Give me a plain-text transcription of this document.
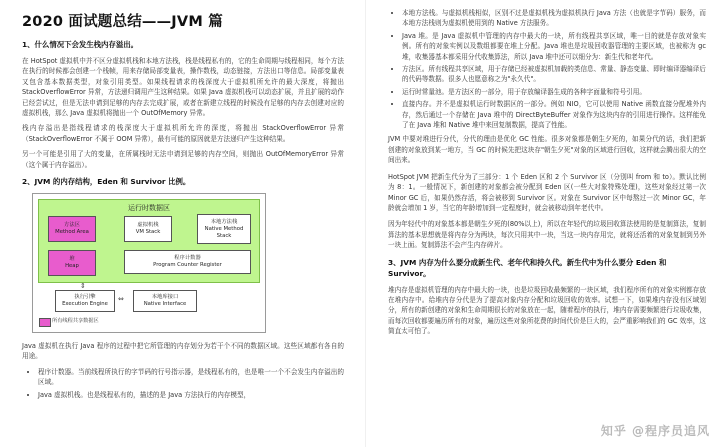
2020 面试题总结——JVM 篇
1、什么情况下会发生栈内存溢出。

在 HotSpot 虚拟机中并不区分虚拟机栈和本地方法栈，栈是线程私有的，它的生命周期与线程相同，每个方法在执行的时候都会创建一个栈帧，用来存储局部变量表，操作数栈，动态链接，方法出口等信息。局部变量表又包含基本数据类型，对象引用类型。如果线程请求的栈深度大于虚拟机所允许的最大深度，将抛出 StackOverflowError 异常，方法递归调用产生这种结果。如果 Java 虚拟机栈可以动态扩展，并且扩展的动作已经尝试过，但是无法申请到足够的内存去完成扩展，或者在新建立线程的时候没有足够的内存去创建对应的虚拟机栈，那么 Java 虚拟机将抛出一个 OutOfMemory 异常。

栈内存溢出是指线程请求的栈深度大于虚拟机所允许的深度，将抛出 StackOverflowError 异常（StackOverflowError 不属于 OOM 异常），最有可能的原因就是方法递归产生这种结果。

另一个可能是引用了大的变量，在所属栈时无法申请到足够的内存空间，则抛出 OutOfMemoryError 异常（这个属于内存溢出）。

2、JVM 的内存结构，Eden 和 Survivor 比例。
运行时数据区
方法区
Method Area
虚拟机栈
VM Stack
本地方法栈
Native Method
Stack
堆
Heap
程序计数器
Program Counter Register
⇕
⇔
执行引擎
Execution Engine
本地库接口
Native Interface
所有线程共享数据区

Java 虚拟机在执行 Java 程序的过程中把它所管理的内存划分为若干个不同的数据区域。这些区域都有各自的用途。

• 程序计数器。当前线程所执行的字节码的行号指示器，是线程私有的，也是唯一一个不会发生内存溢出的区域。
• Java 虚拟机栈。也是线程私有的，描述的是 Java 方法执行的内存模型，
• 本地方法栈。与虚拟机栈相似，区别不过是虚拟机栈为虚拟机执行 Java 方法（也就是字节码）服务，而本地方法栈则为虚拟机使用到的 Native 方法服务。
• Java 堆。是 Java 虚拟机中管理的内存中最大的一块，所有线程共享区域，唯一目的就是存放对象实例。所有的对象实例以及数组都要在堆上分配。Java 堆也是垃圾回收器管理的主要区域，也被称为 gc 堆，收集器基本都采用分代收集算法，所以 Java 堆中还可以细分为：新生代和老年代。
• 方法区。所有线程共享区域，用于存储已经被虚拟机加载的类信息、常量、静态变量、即时编译器编译后的代码等数据。很多人也愿意称之为"永久代"。
• 运行时常量池。是方法区的一部分，用于存放编译器生成的各种字面量和符号引用。
• 直接内存。并不是虚拟机运行时数据区的一部分。例如 NIO，它可以使用 Native 函数直接分配堆外内存，然后通过一个存储在 Java 堆中的 DirectByteBuffer 对象作为这块内存的引用进行操作。这样能免了在 Java 堆和 Native 堆中来回复制数据，提高了性能。

JVM 中要对堆进行分代，分代的理由是优化 GC 性能。很多对象都是朝生夕死的，如果分代的话，我们把新创建的对象放到某一地方，当 GC 的时候先把这块存"朝生夕死"对象的区域进行回收，这样就会腾出很大的空间出来。

HotSpot JVM 把新生代分为了三部分：1 个 Eden 区和 2 个 Survivor 区（分别叫 from 和 to）。默认比例为 8：1。一般情况下，新创建的对象都会被分配到 Eden 区(一些大对象特殊处理)，这些对象经过第一次 Minor GC 后，如果仍然存活，将会被移到 Survivor 区。对象在 Survivor 区中每熬过一次 Minor GC，年龄就会增加 1 岁，当它的年龄增加到一定程度时，就会被移动到年老代中。

因为年轻代中的对象基本都是朝生夕死的(80%以上)，所以在年轻代的垃圾回收算法使用的是复制算法，复制算法的基本思想就是将内存分为两块，每次只用其中一块，当这一块内存用完，就将还活着的对象复制到另外一块上面。复制算法不会产生内存碎片。

3、JVM 内存为什么要分成新生代、老年代和持久代。新生代中为什么要分 Eden 和 Survivor。

堆内存是虚拟机管理的内存中最大的一块，也是垃圾回收最频繁的一块区域，我们程序所有的对象实例都存放在堆内存中。给堆内存分代是为了提高对象内存分配和垃圾回收的效率。试想一下，如果堆内存没有区域划分，所有的新创建的对象和生命周期很长的对象放在一起，随着程序的执行，堆内存需要频繁进行垃圾收集，而每次回收都要遍历所有的对象，遍历这些对象所花费的时间代价是巨大的，会严重影响我们的 GC 效率，这简直太可怕了。

知乎 @程序员追风
